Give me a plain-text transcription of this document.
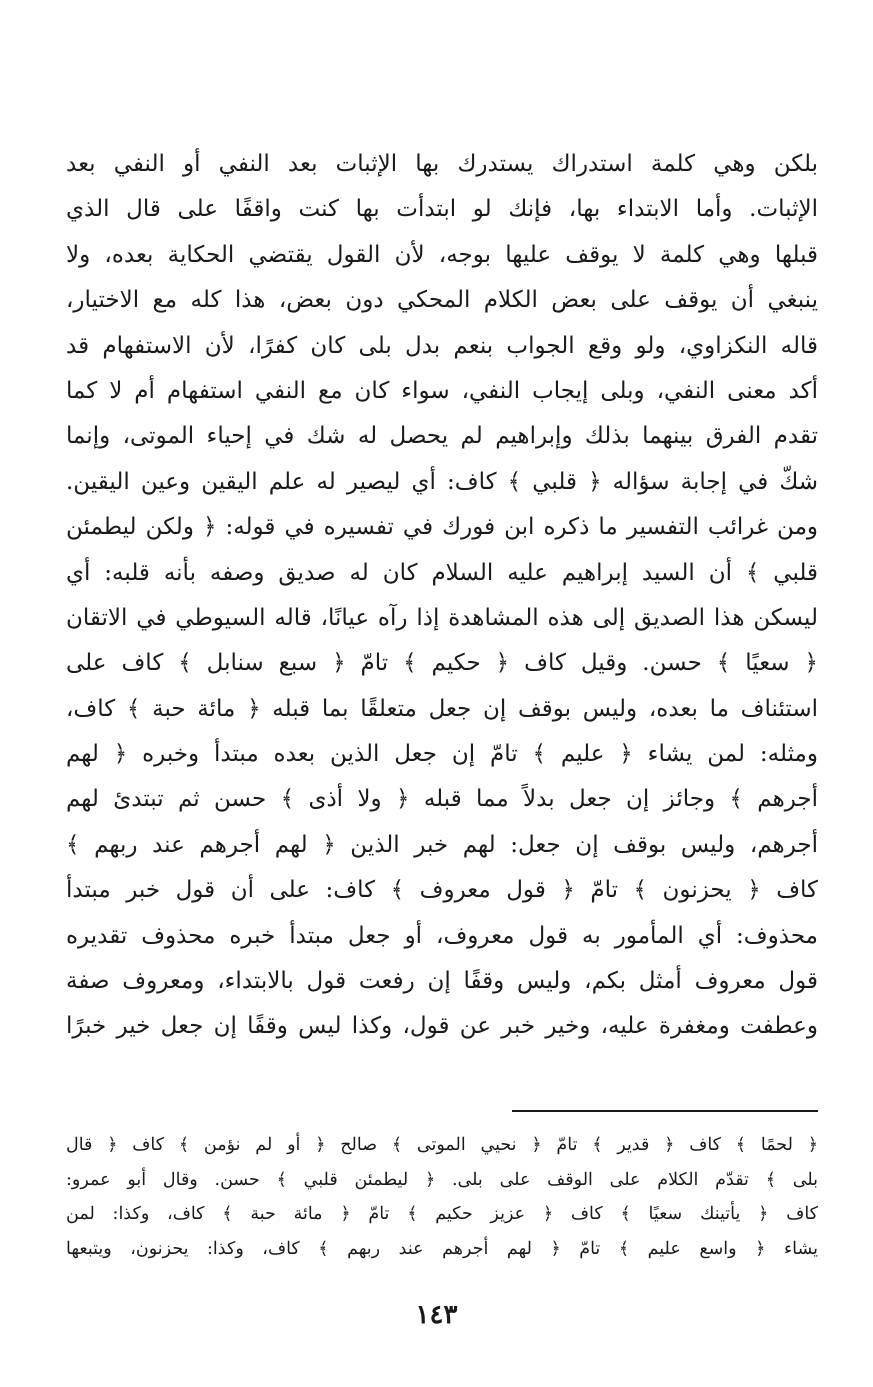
بلكن وهي كلمة استدراك يستدرك بها الإثبات بعد النفي أو النفي بعد
الإثبات. وأما الابتداء بها، فإنك لو ابتدأت بها كنت واقفًا على قال الذي
قبلها وهي كلمة لا يوقف عليها بوجه، لأن القول يقتضي الحكاية بعده، ولا
ينبغي أن يوقف على بعض الكلام المحكي دون بعض، هذا كله مع الاختيار،
قاله النكزاوي، ولو وقع الجواب بنعم بدل بلى كان كفرًا، لأن الاستفهام قد
أكد معنى النفي، وبلى إيجاب النفي، سواء كان مع النفي استفهام أم لا كما
تقدم الفرق بينهما بذلك وإبراهيم لم يحصل له شك في إحياء الموتى، وإنما
شكّ في إجابة سؤاله ﴿ قلبي ﴾ كاف: أي ليصير له علم اليقين وعين اليقين.
ومن غرائب التفسير ما ذكره ابن فورك في تفسيره في قوله: ﴿ ولكن ليطمئن
قلبي ﴾ أن السيد إبراهيم عليه السلام كان له صديق وصفه بأنه قلبه: أي
ليسكن هذا الصديق إلى هذه المشاهدة إذا رآه عيانًا، قاله السيوطي في الاتقان
﴿ سعيًا ﴾ حسن. وقيل كاف ﴿ حكيم ﴾ تامّ ﴿ سبع سنابل ﴾ كاف على
استئناف ما بعده، وليس بوقف إن جعل متعلقًا بما قبله ﴿ مائة حبة ﴾ كاف،
ومثله: لمن يشاء ﴿ عليم ﴾ تامّ إن جعل الذين بعده مبتدأ وخبره ﴿ لهم
أجرهم ﴾ وجائز إن جعل بدلاً مما قبله ﴿ ولا أذى ﴾ حسن ثم تبتدئ لهم
أجرهم، وليس بوقف إن جعل: لهم خبر الذين ﴿ لهم أجرهم عند ربهم ﴾
كاف ﴿ يحزنون ﴾ تامّ ﴿ قول معروف ﴾ كاف: على أن قول خبر مبتدأ
محذوف: أي المأمور به قول معروف، أو جعل مبتدأ خبره محذوف تقديره
قول معروف أمثل بكم، وليس وقفًا إن رفعت قول بالابتداء، ومعروف صفة
وعطفت ومغفرة عليه، وخير خبر عن قول، وكذا ليس وقفًا إن جعل خير خبرًا
﴿ لحمًا ﴾ كاف ﴿ قدير ﴾ تامّ ﴿ نحيي الموتى ﴾ صالح ﴿ أو لم نؤمن ﴾ كاف ﴿ قال
بلى ﴾ تقدّم الكلام على الوقف على بلى. ﴿ ليطمئن قلبي ﴾ حسن. وقال أبو عمرو:
كاف ﴿ يأتينك سعيًا ﴾ كاف ﴿ عزيز حكيم ﴾ تامّ ﴿ مائة حبة ﴾ كاف، وكذا: لمن
يشاء ﴿ واسع عليم ﴾ تامّ ﴿ لهم أجرهم عند ربهم ﴾ كاف، وكذا: يحزنون، ويتبعها
١٤٣
